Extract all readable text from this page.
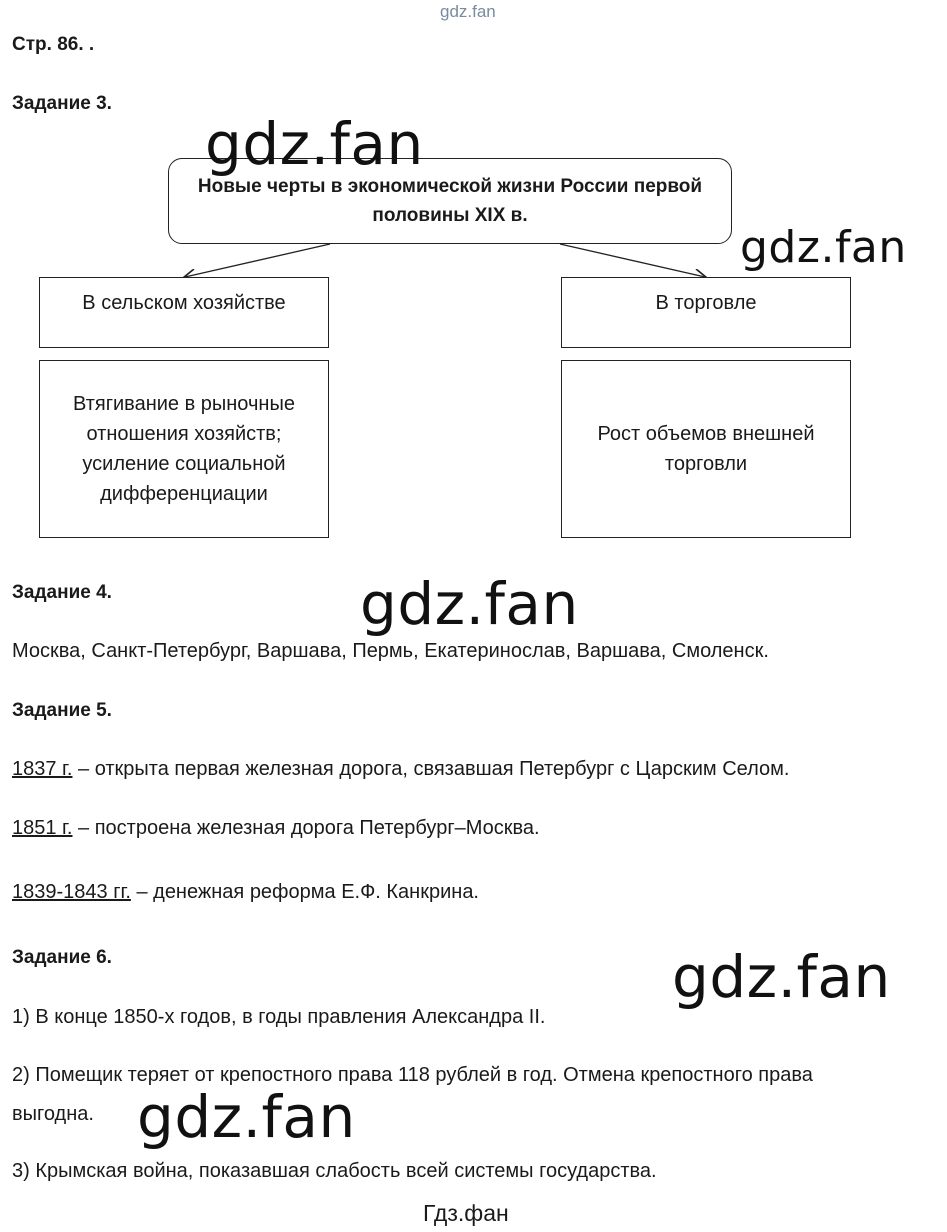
gdz.fan
Стр. 86. .
Задание 3.
Новые черты в экономической жизни России первой половины XIX в.
В сельском хозяйстве	В торговле
Втягивание в рыночные отношения хозяйств; усиление социальной дифференциации
Рост объемов внешней торговли
Задание 4.
Москва, Санкт-Петербург, Варшава, Пермь, Екатеринослав, Варшава, Смоленск.
Задание 5.
1837 г. – открыта первая железная дорога, связавшая Петербург с Царским Селом.
1851 г. – построена железная дорога Петербург–Москва.
1839-1843 гг. – денежная реформа Е.Ф. Канкрина.
Задание 6.
1) В конце 1850-х годов, в годы правления Александра II.
2) Помещик теряет от крепостного права 118 рублей в год. Отмена крепостного права
выгодна.
3) Крымская война, показавшая слабость всей системы государства.
Гдз.фан
gdz.fan
gdz.fan
gdz.fan
gdz.fan
gdz.fan
